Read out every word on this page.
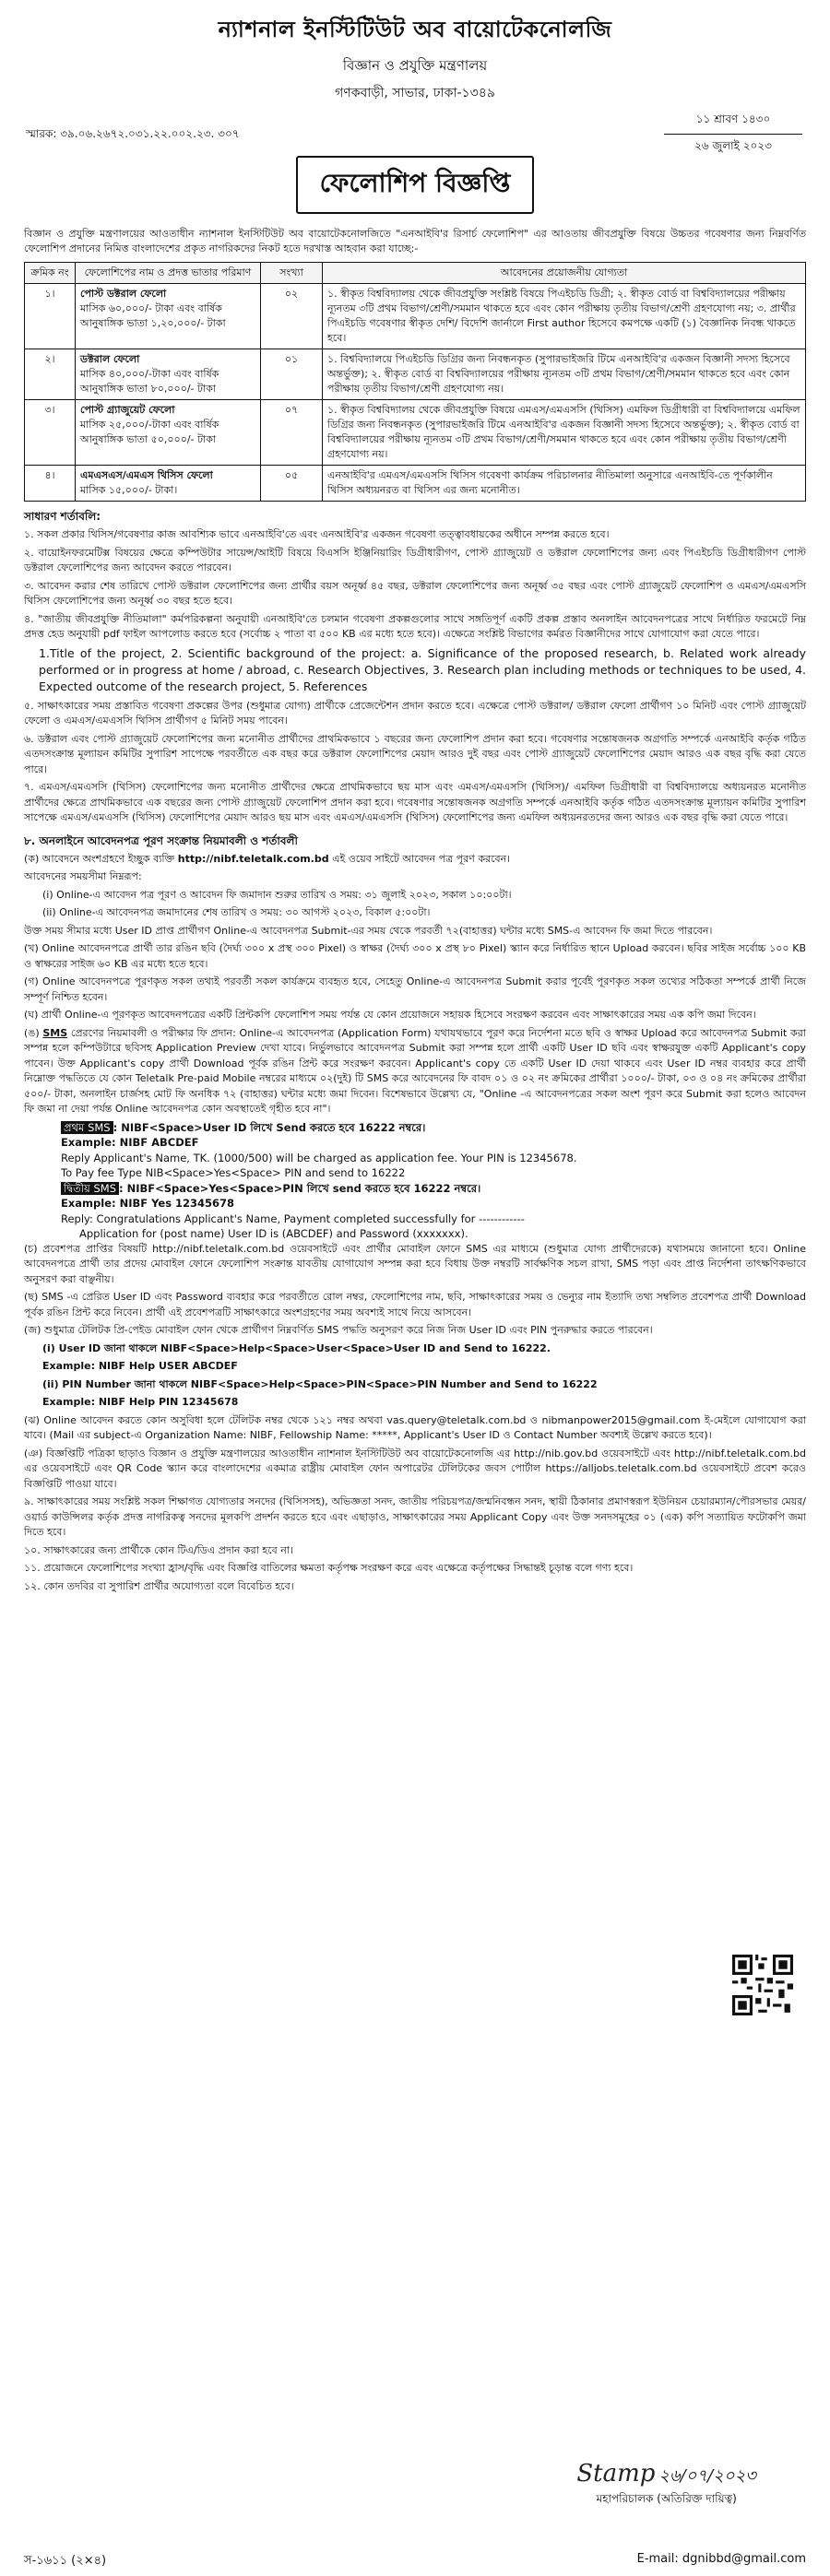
ন্যাশনাল ইনস্টিটিউট অব বায়োটেকনোলজি
বিজ্ঞান ও প্রযুক্তি মন্ত্রণালয়
গণকবাড়ী, সাভার, ঢাকা-১৩৪৯
স্মারক: ৩৯.০৬.২৬৭২.০৩১.২২.০০২.২৩. ৩০৭
১১ শ্রাবণ ১৪৩০
২৬ জুলাই ২০২৩
ফেলোশিপ বিজ্ঞপ্তি
বিজ্ঞান ও প্রযুক্তি মন্ত্রণালয়ের আওতাধীন ন্যাশনাল ইনস্টিটিউট অব বায়োটেকনোলজিতে "এনআইবি'র রিসার্চ ফেলোশিপ" এর আওতায় জীবপ্রযুক্তি বিষয়ে উচ্চতর গবেষণার জন্য নিম্নবর্ণিত ফেলোশিপ প্রদানের নিমিত্ত বাংলাদেশের প্রকৃত নাগরিকদের নিকট হতে দরখাস্ত আহবান করা যাচ্ছে:-
ক্রমিক নং	ফেলোশিপের নাম ও প্রদত্ত ভাতার পরিমাণ	সংখ্যা	আবেদনের প্রয়োজনীয় যোগ্যতা
১।	পোস্ট ডক্টরাল ফেলো
মাসিক ৬০,০০০/- টাকা এবং বার্ষিক আনুষাঙ্গিক ভাতা ১,২০,০০০/- টাকা	০২	১. স্বীকৃত বিশ্ববিদ্যালয় থেকে জীবপ্রযুক্তি সংশ্লিষ্ট বিষয়ে পিএইচডি ডিগ্রী; ২. স্বীকৃত বোর্ড বা বিশ্ববিদ্যালয়ের পরীক্ষায় ন্যূনতম ৩টি প্রথম বিভাগ/শ্রেণী/সমমান থাকতে হবে এবং কোন পরীক্ষায় তৃতীয় বিভাগ/শ্রেণী গ্রহণযোগ্য নয়; ৩. প্রার্থীর পিএইচডি গবেষণার স্বীকৃত দেশি/ বিদেশি জার্নালে First author হিসেবে কমপক্ষে একটি (১) বৈজ্ঞানিক নিবন্ধ থাকতে হবে।
২।	ডক্টরাল ফেলো
মাসিক ৪০,০০০/-টাকা এবং বার্ষিক আনুষাঙ্গিক ভাতা ৮০,০০০/- টাকা	০১	১. বিশ্ববিদ্যালয়ে পিএইচডি ডিগ্রির জন্য নিবন্ধনকৃত (সুপারভাইজরি টিমে এনআইবি'র একজন বিজ্ঞানী সদস্য হিসেবে অন্তর্ভুক্ত); ২. স্বীকৃত বোর্ড বা বিশ্ববিদ্যালয়ের পরীক্ষায় ন্যূনতম ৩টি প্রথম বিভাগ/শ্রেণী/সমমান থাকতে হবে এবং কোন পরীক্ষায় তৃতীয় বিভাগ/শ্রেণী গ্রহণযোগ্য নয়।
৩।	পোস্ট গ্র্যাজুয়েট ফেলো
মাসিক ২৫,০০০/-টাকা এবং বার্ষিক আনুষাঙ্গিক ভাতা ৫০,০০০/- টাকা	০৭	১. স্বীকৃত বিশ্ববিদ্যালয় থেকে জীবপ্রযুক্তি বিষয়ে এমএস/এমএসসি (থিসিস) এমফিল ডিগ্রীধারী বা বিশ্ববিদ্যালয়ে এমফিল ডিগ্রির জন্য নিবন্ধনকৃত (সুপারভাইজরি টিমে এনআইবি'র একজন বিজ্ঞানী সদস্য হিসেবে অন্তর্ভুক্ত); ২. স্বীকৃত বোর্ড বা বিশ্ববিদ্যালয়ের পরীক্ষায় ন্যূনতম ৩টি প্রথম বিভাগ/শ্রেণী/সমমান থাকতে হবে এবং কোন পরীক্ষায় তৃতীয় বিভাগ/শ্রেণী গ্রহণযোগ্য নয়।
৪।	এমএসএস/এমএস থিসিস ফেলো
মাসিক ১৫,০০০/- টাকা।	০৫	এনআইবি'র এমএস/এমএসসি থিসিস গবেষণা কার্যক্রম পরিচালনার নীতিমালা অনুসারে এনআইবি-তে পূর্ণকালীন থিসিস অধ্যয়নরত বা থিসিস এর জন্য মনোনীত।
সাধারণ শর্তাবলি:

১. সকল প্রকার থিসিস/গবেষণার কাজ আবশ্যিক ভাবে এনআইবি'তে এবং এনআইবি'র একজন গবেষণা তত্ত্বাবধায়কের অধীনে সম্পন্ন করতে হবে।

২. বায়োইনফরমেটিক্স বিষয়ের ক্ষেত্রে কম্পিউটার সায়েন্স/আইটি বিষয়ে বিএসসি ইঞ্জিনিয়ারিং ডিগ্রীধারীগণ, পোস্ট গ্র্যাজুয়েট ও ডক্টরাল ফেলোশিপের জন্য এবং পিএইচডি ডিগ্রীধারীগণ পোস্ট ডক্টরাল ফেলোশিপের জন্য আবেদন করতে পারবেন।

৩. আবেদন করার শেষ তারিখে পোস্ট ডক্টরাল ফেলোশিপের জন্য প্রার্থীর বয়স অনূর্ধ্ব ৪৫ বছর, ডক্টরাল ফেলোশিপের জন্য অনূর্ধ্ব ৩৫ বছর এবং পোস্ট গ্র্যাজুয়েট ফেলোশিপ ও এমএস/এমএসসি থিসিস ফেলোশিপের জন্য অনূর্ধ্ব ৩০ বছর হতে হবে।

৪. "জাতীয় জীবপ্রযুক্তি নীতিমালা" কর্মপরিকল্পনা অনুযায়ী এনআইবি'তে চলমান গবেষণা প্রকল্পগুলোর সাথে সঙ্গতিপূর্ণ একটি প্রকল্প প্রস্তাব অনলাইন আবেদনপত্রের সাথে নির্ধারিত ফরমেটে নিম্ন প্রদত্ত হেড অনুযায়ী pdf ফাইল আপলোড করতে হবে (সর্বোচ্চ ২ পাতা বা ৫০০ KB এর মধ্যে হতে হবে)। এক্ষেত্রে সংশ্লিষ্ট বিভাগের কর্মরত বিজ্ঞানীদের সাথে যোগাযোগ করা যেতে পারে।

1.Title of the project, 2. Scientific background of the project: a. Significance of the proposed research, b. Related work already performed or in progress at home / abroad, c. Research Objectives, 3. Research plan including methods or techniques to be used, 4. Expected outcome of the research project, 5. References

৫. সাক্ষাৎকারের সময় প্রস্তাবিত গবেষণা প্রকল্পের উপর (শুধুমাত্র যোগ্য) প্রার্থীকে প্রেজেন্টেশন প্রদান করতে হবে। এক্ষেত্রে পোস্ট ডক্টরাল/ ডক্টরাল ফেলো প্রার্থীগণ ১০ মিনিট এবং পোস্ট গ্র্যাজুয়েট ফেলো ও এমএস/এমএসসি থিসিস প্রার্থীগণ ৫ মিনিট সময় পাবেন।

৬. ডক্টরাল এবং পোস্ট গ্র্যাজুয়েট ফেলোশিপের জন্য মনোনীত প্রার্থীদের প্রাথমিকভাবে ১ বছরের জন্য ফেলোশিপ প্রদান করা হবে। গবেষণার সন্তোষজনক অগ্রগতি সম্পর্কে এনআইবি কর্তৃক গঠিত এতদসংক্রান্ত মূল্যায়ন কমিটির সুপারিশ সাপেক্ষে পরবর্তীতে এক বছর করে ডক্টরাল ফেলোশিপের মেয়াদ আরও দুই বছর এবং পোস্ট গ্র্যাজুয়েট ফেলোশিপের মেয়াদ আরও এক বছর বৃদ্ধি করা যেতে পারে।

৭. এমএস/এমএসসি (থিসিস) ফেলোশিপের জন্য মনোনীত প্রার্থীদের ক্ষেত্রে প্রাথমিকভাবে ছয় মাস এবং এমএস/এমএসসি (থিসিস)/ এমফিল ডিগ্রীধারী বা বিশ্ববিদ্যালয়ে অধ্যয়নরত মনোনীত প্রার্থীদের ক্ষেত্রে প্রাথমিকভাবে এক বছরের জন্য পোস্ট গ্র্যাজুয়েট ফেলোশিপ প্রদান করা হবে। গবেষণার সন্তোষজনক অগ্রগতি সম্পর্কে এনআইবি কর্তৃক গঠিত এতদসংক্রান্ত মূল্যায়ন কমিটির সুপারিশ সাপেক্ষে এমএস/এমএসসি (থিসিস) ফেলোশিপের মেয়াদ আরও ছয় মাস এবং এমএস/এমএসসি (থিসিস) ফেলোশিপের জন্য এমফিল অধ্যয়নরতদের জন্য আরও এক বছর বৃদ্ধি করা যেতে পারে।

৮. অনলাইনে আবেদনপত্র পূরণ সংক্রান্ত নিয়মাবলী ও শর্তাবলী

(ক) আবেদনে অংশগ্রহণে ইচ্ছুক ব্যক্তি http://nibf.teletalk.com.bd এই ওয়েব সাইটে আবেদন পত্র পূরণ করবেন।

আবেদনের সময়সীমা নিম্নরূপ:

(i) Online-এ আবেদন পত্র পূরণ ও আবেদন ফি জমাদান শুরুর তারিখ ও সময়: ৩১ জুলাই ২০২৩, সকাল ১০:০০টা।

(ii) Online-এ আবেদনপত্র জমাদানের শেষ তারিখ ও সময়: ৩০ আগস্ট ২০২৩, বিকাল ৫:০০টা।

উক্ত সময় সীমার মধ্যে User ID প্রাপ্ত প্রার্থীগণ Online-এ আবেদনপত্র Submit-এর সময় থেকে পরবর্তী ৭২(বাহাত্তর) ঘন্টার মধ্যে SMS-এ আবেদন ফি জমা দিতে পারবেন।

(খ) Online আবেদনপত্রে প্রার্থী তার রঙিন ছবি (দৈর্ঘ্য ৩০০ x প্রস্থ ৩০০ Pixel) ও স্বাক্ষর (দৈর্ঘ্য ৩০০ x প্রস্থ ৮০ Pixel) স্ক্যান করে নির্ধারিত স্থানে Upload করবেন। ছবির সাইজ সর্বোচ্চ ১০০ KB ও স্বাক্ষরের সাইজ ৬০ KB এর মধ্যে হতে হবে।

(গ) Online আবেদনপত্রে পূরণকৃত সকল তথ্যই পরবর্তী সকল কার্যক্রমে ব্যবহৃত হবে, সেহেতু Online-এ আবেদনপত্র Submit করার পূর্বেই পূরণকৃত সকল তথ্যের সঠিকতা সম্পর্কে প্রার্থী নিজে সম্পূর্ণ নিশ্চিত হবেন।

(ঘ) প্রার্থী Online-এ পূরণকৃত আবেদনপত্রের একটি প্রিন্টকপি ফেলোশিপ সময় পর্যন্ত যে কোন প্রয়োজনে সহায়ক হিসেবে সংরক্ষণ করবেন এবং সাক্ষাৎকারের সময় এক কপি জমা দিবেন।

(ঙ) SMS প্রেরণের নিয়মাবলী ও পরীক্ষার ফি প্রদান: Online-এ আবেদনপত্র (Application Form) যথাযথভাবে পূরণ করে নির্দেশনা মতে ছবি ও স্বাক্ষর Upload করে আবেদনপত্র Submit করা সম্পন্ন হলে কম্পিউটারে ছবিসহ Application Preview দেখা যাবে। নির্ভুলভাবে আবেদনপত্র Submit করা সম্পন্ন হলে প্রার্থী একটি User ID ছবি এবং স্বাক্ষরযুক্ত একটি Applicant's copy পাবেন। উক্ত Applicant's copy প্রার্থী Download পূর্বক রঙিন প্রিন্ট করে সংরক্ষণ করবেন। Applicant's copy তে একটি User ID দেয়া থাকবে এবং User ID নম্বর ব্যবহার করে প্রার্থী নিম্নোক্ত পদ্ধতিতে যে কোন Teletalk Pre-paid Mobile নম্বরের মাধ্যমে ০২(দুই) টি SMS করে আবেদনের ফি বাবদ ০১ ও ০২ নং ক্রমিকের প্রার্থীরা ১০০০/- টাকা, ০৩ ও ০৪ নং ক্রমিকের প্রার্থীরা ৫০০/- টাকা, অনলাইন চার্জসহ মোট ফি অনধিক ৭২ (বাহাত্তর) ঘন্টার মধ্যে জমা দিবেন। বিশেষভাবে উল্লেখ্য যে, "Online -এ আবেদনপত্রের সকল অংশ পূরণ করে Submit করা হলেও আবেদন ফি জমা না দেয়া পর্যন্ত Online আবেদনপত্র কোন অবস্থাতেই গৃহীত হবে না"।

প্রথম SMS : NIBF<Space>User ID লিখে Send করতে হবে 16222 নম্বরে।
Example: NIBF ABCDEF
Reply Applicant's Name, TK. (1000/500) will be charged as application fee. Your PIN is 12345678.
To Pay fee Type NIB<Space>Yes<Space> PIN and send to 16222
দ্বিতীয় SMS : NIBF<Space>Yes<Space>PIN লিখে send করতে হবে 16222 নম্বরে।
Example: NIBF Yes 12345678
Reply: Congratulations Applicant's Name, Payment completed successfully for ------------
Application for (post name) User ID is (ABCDEF) and Password (xxxxxxx).

(চ) প্রবেশপত্র প্রাপ্তির বিষয়টি http://nibf.teletalk.com.bd ওয়েবসাইটে এবং প্রার্থীর মোবাইল ফোনে SMS এর মাধ্যমে (শুধুমাত্র যোগ্য প্রার্থীদেরকে) যথাসময়ে জানানো হবে। Online আবেদনপত্রে প্রার্থী তার প্রদেয় মোবাইল ফোনে ফেলোশিপ সংক্রান্ত যাবতীয় যোগাযোগ সম্পন্ন করা হবে বিধায় উক্ত নম্বরটি সার্বক্ষণিক সচল রাখা, SMS পড়া এবং প্রাপ্ত নির্দেশনা তাৎক্ষণিকভাবে অনুসরণ করা বাঞ্ছনীয়।

(ছ) SMS -এ প্রেরিত User ID এবং Password ব্যবহার করে পরবর্তীতে রোল নম্বর, ফেলোশিপের নাম, ছবি, সাক্ষাৎকারের সময় ও ভেন্যুর নাম ইত্যাদি তথ্য সম্বলিত প্রবেশপত্র প্রার্থী Download পূর্বক রঙিন প্রিন্ট করে নিবেন। প্রার্থী এই প্রবেশপত্রটি সাক্ষাৎকারে অংশগ্রহণের সময় অবশ্যই সাথে নিয়ে আসবেন।

(জ) শুধুমাত্র টেলিটক প্রি-পেইড মোবাইল ফোন থেকে প্রার্থীগণ নিম্নবর্ণিত SMS পদ্ধতি অনুসরণ করে নিজ নিজ User ID এবং PIN পুনরুদ্ধার করতে পারবেন।

(i) User ID জানা থাকলে NIBF<Space>Help<Space>User<Space>User ID and Send to 16222.

Example: NIBF Help USER ABCDEF

(ii) PIN Number জানা থাকলে NIBF<Space>Help<Space>PIN<Space>PIN Number and Send to 16222

Example: NIBF Help PIN 12345678

(ঝ) Online আবেদন করতে কোন অসুবিধা হলে টেলিটক নম্বর থেকে ১২১ নম্বর অথবা vas.query@teletalk.com.bd ও nibmanpower2015@gmail.com ই-মেইলে যোগাযোগ করা যাবে। (Mail এর subject-এ Organization Name: NIBF, Fellowship Name: *****, Applicant's User ID ও Contact Number অবশ্যই উল্লেখ করতে হবে)।

(ঞ) বিজ্ঞপ্তিটি পত্রিকা ছাড়াও বিজ্ঞান ও প্রযুক্তি মন্ত্রণালয়ের আওতাধীন ন্যাশনাল ইনস্টিটিউট অব বায়োটেকনোলজি এর http://nib.gov.bd ওয়েবসাইটে এবং http://nibf.teletalk.com.bd এর ওয়েবসাইটে এবং QR Code স্ক্যান করে বাংলাদেশের একমাত্র রাষ্ট্রীয় মোবাইল ফোন অপারেটর টেলিটকের জবস পোর্টাল https://alljobs.teletalk.com.bd ওয়েবসাইটে প্রবেশ করেও বিজ্ঞপ্তিটি পাওয়া যাবে।

৯. সাক্ষাৎকারের সময় সংশ্লিষ্ট সকল শিক্ষাগত যোগ্যতার সনদের (থিসিসসহ), অভিজ্ঞতা সনদ, জাতীয় পরিচয়পত্র/জন্মনিবন্ধন সনদ, স্থায়ী ঠিকানার প্রমাণস্বরূপ ইউনিয়ন চেয়ারম্যান/পৌরসভার মেয়র/ওয়ার্ড কাউন্সিলর কর্তৃক প্রদত্ত নাগরিকত্ব সনদের মূলকপি প্রদর্শন করতে হবে এবং এছাড়াও, সাক্ষাৎকারের সময় Applicant Copy এবং উক্ত সনদসমূহের ০১ (এক) কপি সত্যায়িত ফটোকপি জমা দিতে হবে।

১০. সাক্ষাৎকারের জন্য প্রার্থীকে কোন টিএ/ডিএ প্রদান করা হবে না।

১১. প্রয়োজনে ফেলোশিপের সংখ্যা হ্রাস/বৃদ্ধি এবং বিজ্ঞপ্তি বাতিলের ক্ষমতা কর্তৃপক্ষ সংরক্ষণ করে এবং এক্ষেত্রে কর্তৃপক্ষের সিদ্ধান্তই চূড়ান্ত বলে গণ্য হবে।

১২. কোন তদবির বা সুপারিশ প্রার্থীর অযোগ্যতা বলে বিবেচিত হবে।

Stamp ২৬/০৭/২০২৩
মহাপরিচালক (অতিরিক্ত দায়িত্ব)
স-১৬১১ (২×৪)	E-mail: dgnibbd@gmail.com
